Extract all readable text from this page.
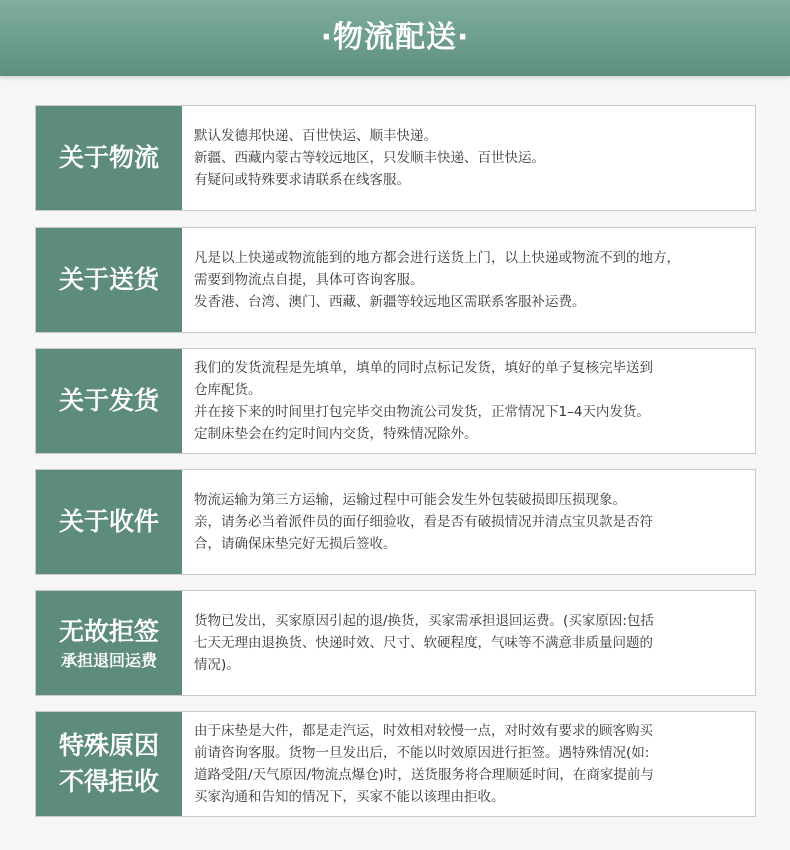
·物流配送·
关于物流
默认发德邦快递、百世快运、顺丰快递。
新疆、西藏内蒙古等较远地区，只发顺丰快递、百世快运。
有疑问或特殊要求请联系在线客服。
关于送货
凡是以上快递或物流能到的地方都会进行送货上门，以上快递或物流不到的地方，
需要到物流点自提，具体可咨询客服。
发香港、台湾、澳门、西藏、新疆等较远地区需联系客服补运费。
关于发货
我们的发货流程是先填单，填单的同时点标记发货，填好的单子复核完毕送到
仓库配货。
并在接下来的时间里打包完毕交由物流公司发货，正常情况下1–4天内发货。
定制床垫会在约定时间内交货，特殊情况除外。
关于收件
物流运输为第三方运输，运输过程中可能会发生外包装破损即压损现象。
亲，请务必当着派件员的面仔细验收，看是否有破损情况并清点宝贝款是否符
合，请确保床垫完好无损后签收。
无故拒签
承担退回运费
货物已发出，买家原因引起的退/换货，买家需承担退回运费。(买家原因:包括
七天无理由退换货、快递时效、尺寸、软硬程度，气味等不满意非质量问题的
情况)。
特殊原因
不得拒收
由于床垫是大件，都是走汽运，时效相对较慢一点，对时效有要求的顾客购买
前请咨询客服。货物一旦发出后，不能以时效原因进行拒签。遇特殊情况(如:
道路受阻/天气原因/物流点爆仓)时，送货服务将合理顺延时间，在商家提前与
买家沟通和告知的情况下，买家不能以该理由拒收。
